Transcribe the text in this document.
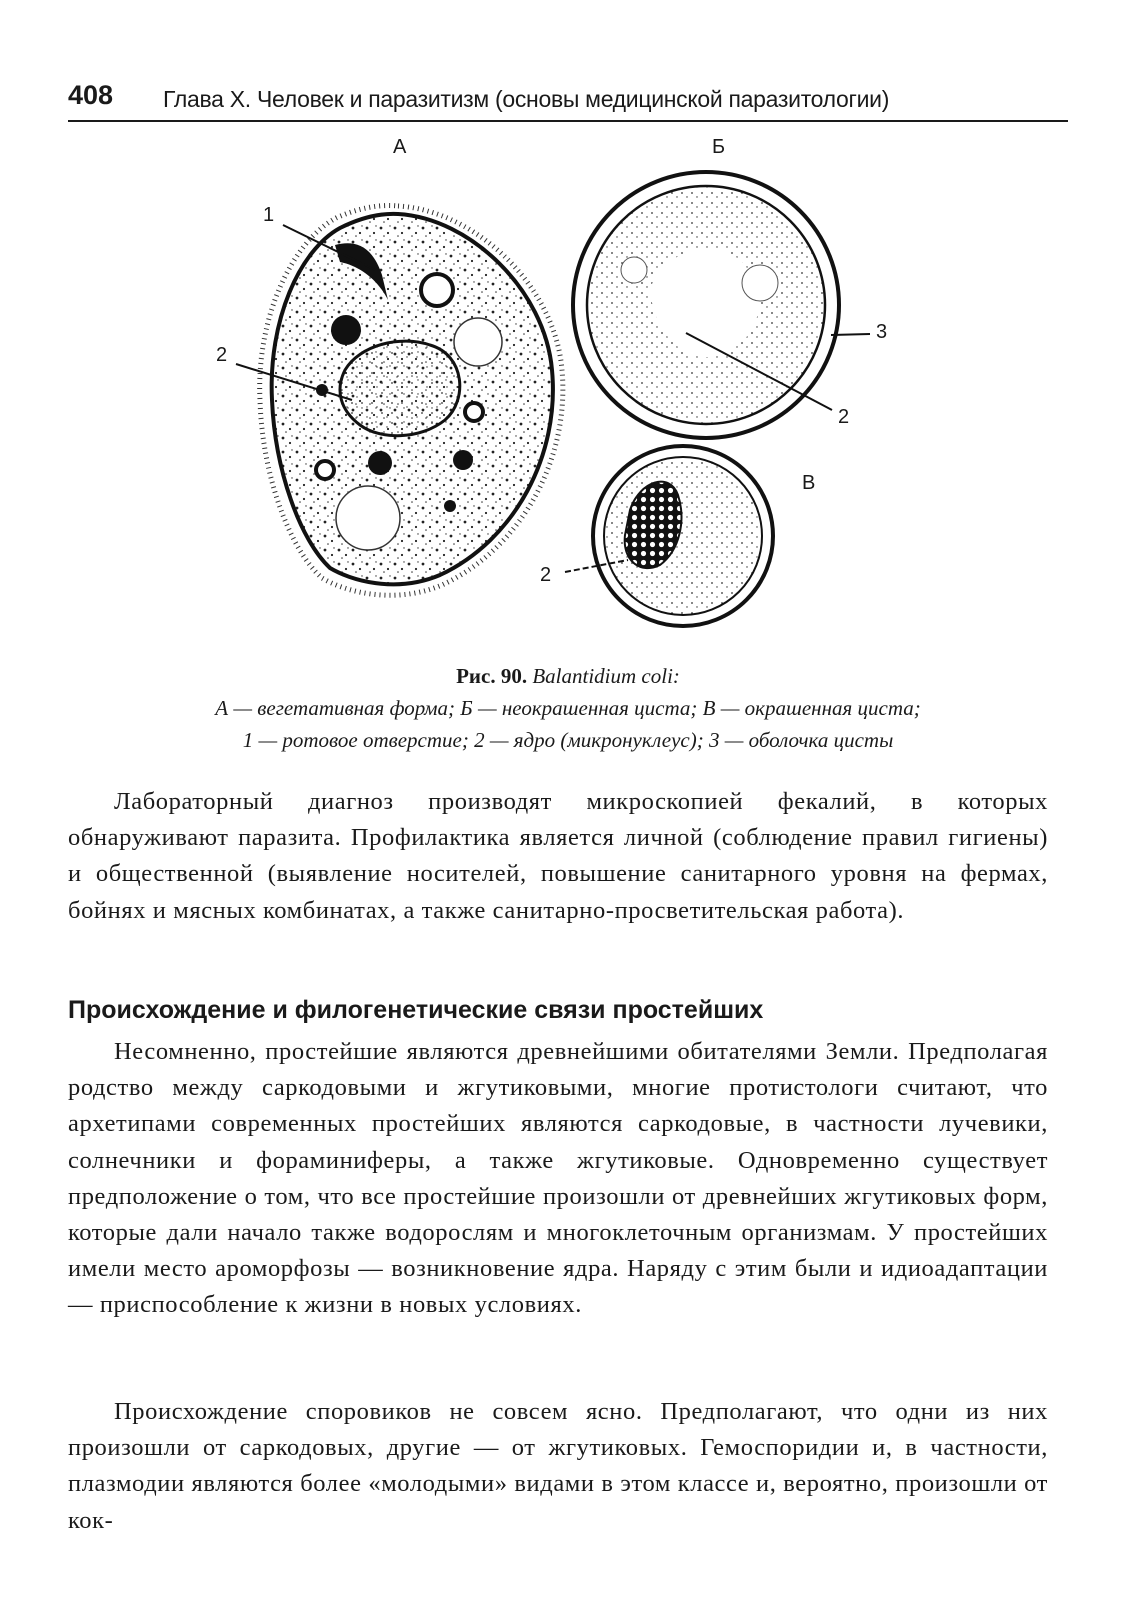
408 Глава X. Человек и паразитизм (основы медицинской паразитологии)
А	Б
В
1
2
3
2
2
Рис. 90. Balantidium coli:
А — вегетативная форма; Б — неокрашенная циста; В — окрашенная циста;
1 — ротовое отверстие; 2 — ядро (микронуклеус); 3 — оболочка цисты

Лабораторный диагноз производят микроскопией фекалий, в которых обнаруживают паразита. Профилактика является личной (соблюдение правил гигиены) и общественной (выявление носителей, повышение санитарного уровня на фермах, бойнях и мясных комбинатах, а также санитарно-просветительская работа).

Происхождение и филогенетические связи простейших

Несомненно, простейшие являются древнейшими обитателями Земли. Предполагая родство между саркодовыми и жгутиковыми, многие протистологи считают, что архетипами современных простейших являются саркодовые, в частности лучевики, солнечники и фораминиферы, а также жгутиковые. Одновременно существует предположение о том, что все простейшие произошли от древнейших жгутиковых форм, которые дали начало также водорослям и многоклеточным организмам. У простейших имели место ароморфозы — возникновение ядра. Наряду с этим были и идиоадаптации — приспособление к жизни в новых условиях.

Происхождение споровиков не совсем ясно. Предполагают, что одни из них произошли от саркодовых, другие — от жгутиковых. Гемоспоридии и, в частности, плазмодии являются более «молодыми» видами в этом классе и, вероятно, произошли от кок-
